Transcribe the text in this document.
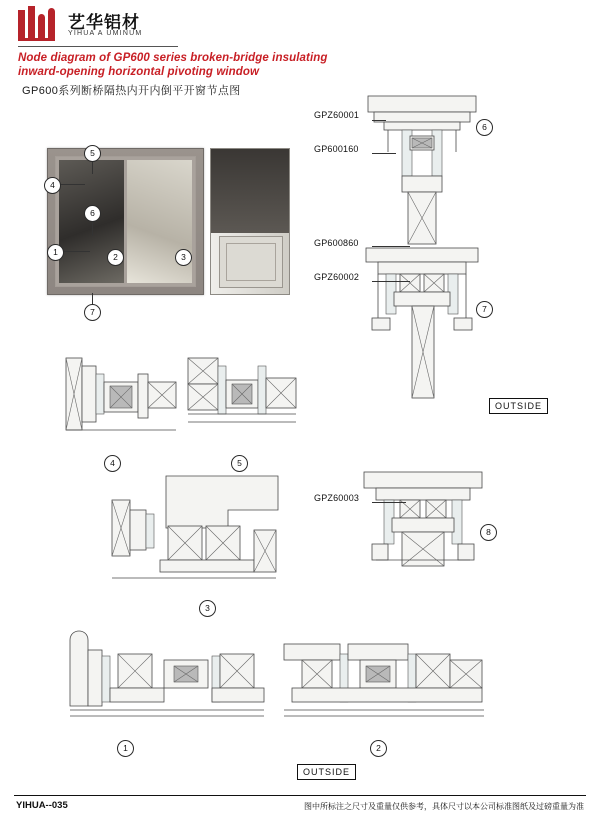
艺华铝材
YIHUA A UMINUM
Node diagram of GP600 series broken-bridge insulating
inward-opening horizontal pivoting window
GP600系列断桥隔热内开内倒平开窗节点图
1	2	3
4
5
6
7
GPZ60001
GP600160
GP600860
GPZ60002
GPZ60003
6
7
8
OUTSIDE
4	5
3
1	2
OUTSIDE
YIHUA--035	图中所标注之尺寸及重量仅供参考，具体尺寸以本公司标准图纸及过磅重量为准
